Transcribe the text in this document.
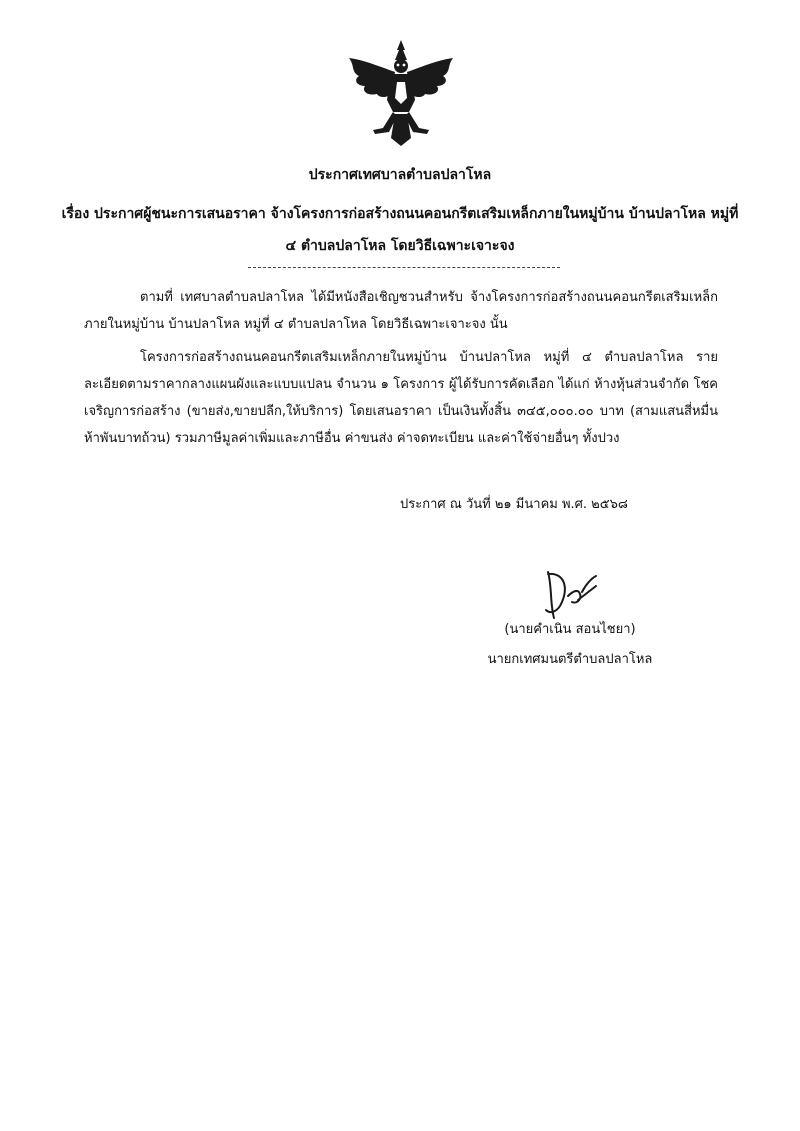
ประกาศเทศบาลตำบลปลาโหล
เรื่อง ประกาศผู้ชนะการเสนอราคา จ้างโครงการก่อสร้างถนนคอนกรีตเสริมเหล็กภายในหมู่บ้าน บ้านปลาโหล หมู่ที่ ๔ ตำบลปลาโหล โดยวิธีเฉพาะเจาะจง

ตามที่ เทศบาลตำบลปลาโหล ได้มีหนังสือเชิญชวนสำหรับ จ้างโครงการก่อสร้างถนนคอนกรีตเสริมเหล็กภายในหมู่บ้าน บ้านปลาโหล หมู่ที่ ๔ ตำบลปลาโหล โดยวิธีเฉพาะเจาะจง นั้น

โครงการก่อสร้างถนนคอนกรีตเสริมเหล็กภายในหมู่บ้าน บ้านปลาโหล หมู่ที่ ๔ ตำบลปลาโหล รายละเอียดตามราคากลางแผนผังและแบบแปลน จำนวน ๑ โครงการ ผู้ได้รับการคัดเลือก ได้แก่ ห้างหุ้นส่วนจำกัด โชคเจริญการก่อสร้าง (ขายส่ง,ขายปลีก,ให้บริการ) โดยเสนอราคา เป็นเงินทั้งสิ้น ๓๔๕,๐๐๐.๐๐ บาท (สามแสนสี่หมื่นห้าพันบาทถ้วน) รวมภาษีมูลค่าเพิ่มและภาษีอื่น ค่าขนส่ง ค่าจดทะเบียน และค่าใช้จ่ายอื่นๆ ทั้งปวง

ประกาศ ณ วันที่ ๒๑ มีนาคม พ.ศ. ๒๕๖๘
(นายคำเนิน สอนไชยา)
นายกเทศมนตรีตำบลปลาโหล
